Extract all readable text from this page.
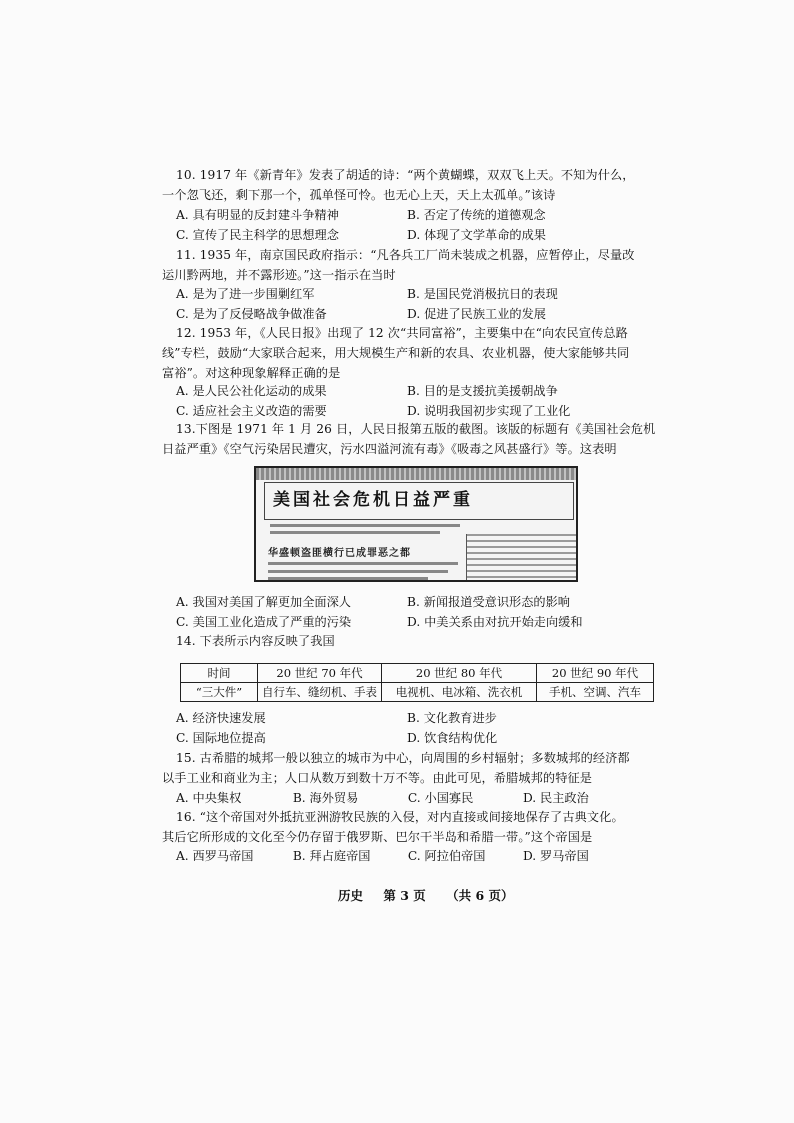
10. 1917 年《新青年》发表了胡适的诗：“两个黄蝴蝶，双双飞上天。不知为什么，
一个忽飞还，剩下那一个，孤单怪可怜。也无心上天，天上太孤单。”该诗
A. 具有明显的反封建斗争精神	B. 否定了传统的道德观念
C. 宣传了民主科学的思想理念	D. 体现了文学革命的成果
11. 1935 年，南京国民政府指示：“凡各兵工厂尚未装成之机器，应暂停止，尽量改
运川黔两地，并不露形迹。”这一指示在当时
A. 是为了进一步围剿红军	B. 是国民党消极抗日的表现
C. 是为了反侵略战争做准备	D. 促进了民族工业的发展
12. 1953 年，《人民日报》出现了 12 次“共同富裕”，主要集中在“向农民宣传总路
线”专栏，鼓励“大家联合起来，用大规模生产和新的农具、农业机器，使大家能够共同
富裕”。对这种现象解释正确的是
A. 是人民公社化运动的成果	B. 目的是支援抗美援朝战争
C. 适应社会主义改造的需要	D. 说明我国初步实现了工业化
13.下图是 1971 年 1 月 26 日，人民日报第五版的截图。该版的标题有《美国社会危机
日益严重》《空气污染居民遭灾，污水四溢河流有毒》《吸毒之风甚盛行》等。这表明
美国社会危机日益严重
华盛顿盗匪横行已成罪恶之都
A. 我国对美国了解更加全面深人	B. 新闻报道受意识形态的影响
C. 美国工业化造成了严重的污染	D. 中美关系由对抗开始走向缓和
14. 下表所示内容反映了我国
时间	20 世纪 70 年代	20 世纪 80 年代	20 世纪 90 年代
“三大件”	自行车、缝纫机、手表	电视机、电冰箱、洗衣机	手机、空调、汽车
A. 经济快速发展	B. 文化教育进步
C. 国际地位提高	D. 饮食结构优化
15. 古希腊的城邦一般以独立的城市为中心，向周围的乡村辐射；多数城邦的经济都
以手工业和商业为主；人口从数万到数十万不等。由此可见，希腊城邦的特征是
A. 中央集权	B. 海外贸易	C. 小国寡民	D. 民主政治
16. “这个帝国对外抵抗亚洲游牧民族的入侵，对内直接或间接地保存了古典文化。
其后它所形成的文化至今仍存留于俄罗斯、巴尔干半岛和希腊一带。”这个帝国是
A. 西罗马帝国	B. 拜占庭帝国	C. 阿拉伯帝国	D. 罗马帝国
历史 第 3 页 （共 6 页）
